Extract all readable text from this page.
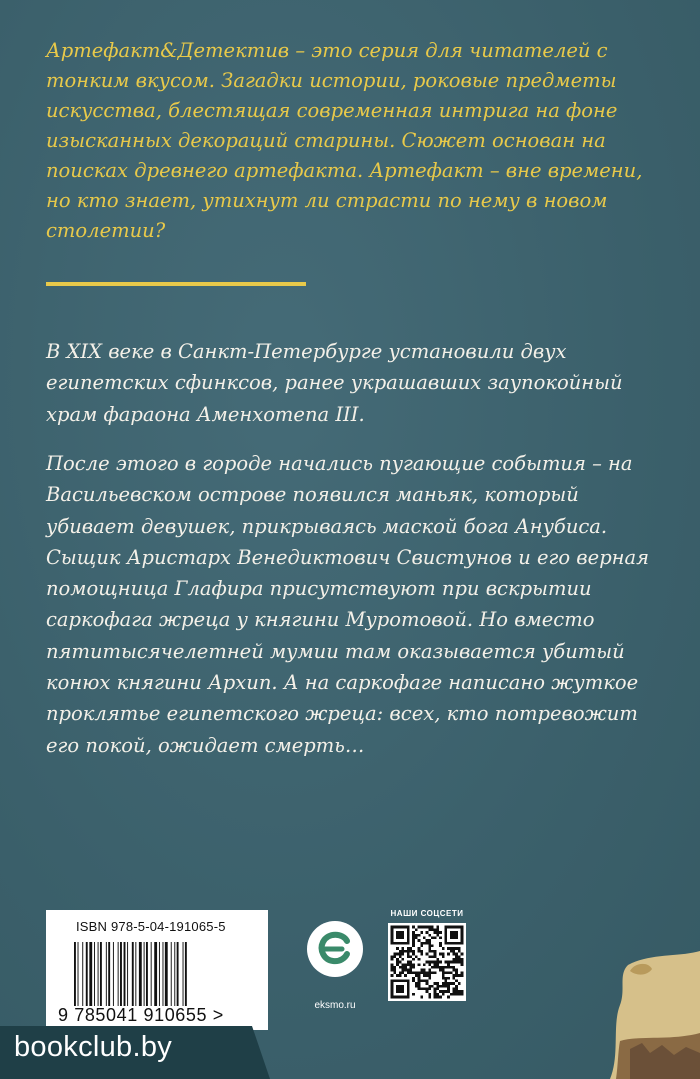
Артефакт&Детектив – это серия для читателей с тонким вкусом. Загадки истории, роковые предметы искусства, блестящая современная интрига на фоне изысканных декораций старины. Сюжет основан на поисках древнего артефакта. Артефакт – вне времени, но кто знает, утихнут ли страсти по нему в новом столетии?

В XIX веке в Санкт-Петербурге установили двух египетских сфинксов, ранее украшавших заупокойный храм фараона Аменхотепа III.

После этого в городе начались пугающие события – на Васильевском острове появился маньяк, который убивает девушек, прикрываясь маской бога Анубиса. Сыщик Аристарх Венедиктович Свистунов и его верная помощница Глафира присутствуют при вскрытии саркофага жреца у княгини Муротовой. Но вместо пятитысячелетней мумии там оказывается убитый конюх княгини Архип. А на саркофаге написано жуткое проклятье египетского жреца: всех, кто потревожит его покой, ожидает смерть…

ISBN 978-5-04-191065-5
9 785041 910655 >	eksmo.ru
НАШИ СОЦСЕТИ
bookclub.by
